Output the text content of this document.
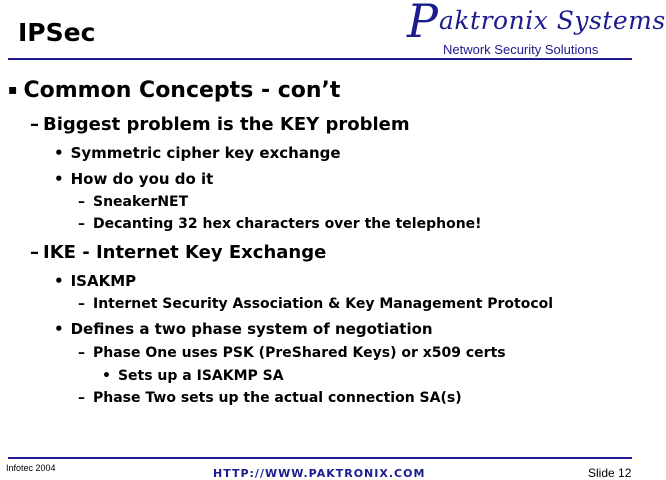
IPSec	P aktronix Systems
Network Security Solutions
▪ Common Concepts - con’t
– Biggest problem is the KEY problem
• Symmetric cipher key exchange
• How do you do it
– SneakerNET
– Decanting 32 hex characters over the telephone!
– IKE - Internet Key Exchange
• ISAKMP
– Internet Security Association & Key Management Protocol
• Defines a two phase system of negotiation
– Phase One uses PSK (PreShared Keys) or x509 certs
• Sets up a ISAKMP SA
– Phase Two sets up the actual connection SA(s)
Infotec 2004	HTTP://WWW.PAKTRONIX.COM	Slide 12
